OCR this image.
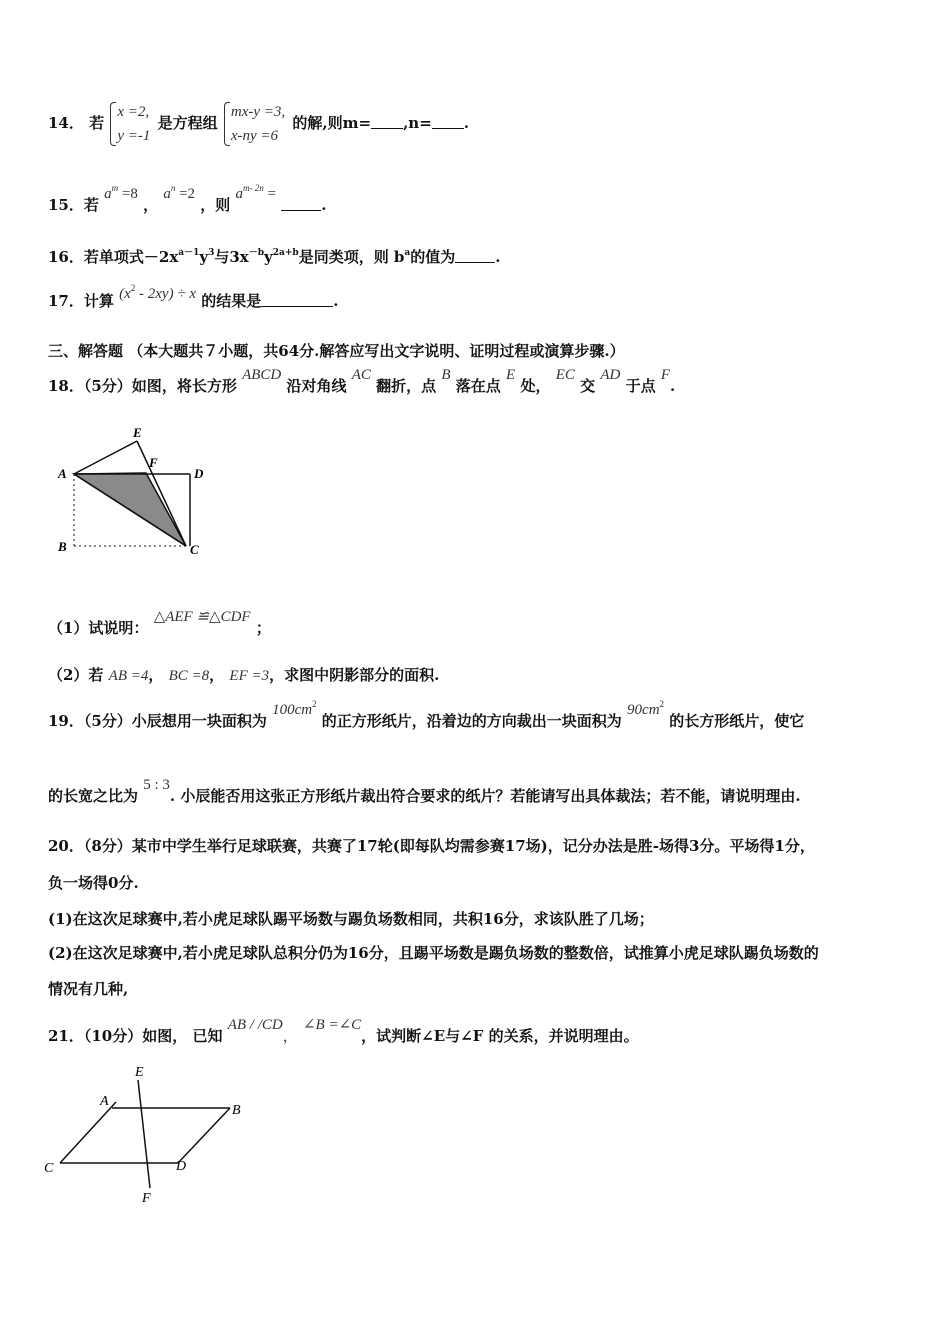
14． 若
x =2,
y =-1
是方程组
mx-y =3,
x-ny =6
的解,则m= ,n= .
15．若 $a^m =8$ ， $a^n =2$ ，则 $a^{m- 2n}$ = .
16．若单项式$-2x^{a-1}y^3$与$3x^{-b}y^{2a+b}$是同类项，则 $b^a$的值为	.
17．计算 $(x^2 - 2xy) \div x$ 的结果是	.
三、解答题 （本大题共７小题，共64分.解答应写出文字说明、证明过程或演算步骤.）
18．（5分）如图，将长方形 ABCD 沿对角线 AC 翻折，点 B 落在点 E 处， EC 交 AD 于点 F.
E
F
A	D
B	C
（1）试说明： △AEF ≌△CDF ；
（2）若 AB =4， BC =8， EF =3，求图中阴影部分的面积.
19．（5分）小辰想用一块面积为 $100cm^2$ 的正方形纸片，沿着边的方向裁出一块面积为 $90cm^2$ 的长方形纸片，使它
的长宽之比为 5 : 3. 小辰能否用这张正方形纸片裁出符合要求的纸片？若能请写出具体裁法；若不能，请说明理由.
20．（8分）某市中学生举行足球联赛，共赛了17轮(即每队均需参赛17场)，记分办法是胜-场得3分。平场得1分，
负一场得0分.
(1)在这次足球赛中,若小虎足球队踢平场数与踢负场数相同，共积16分，求该队胜了几场；
(2)在这次足球赛中,若小虎足球队总积分仍为16分，且踢平场数是踢负场数的整数倍，试推算小虎足球队踢负场数的
情况有几种,
21．（10分）如图， 已知 AB / /CD， ∠B =∠C，试判断∠E与∠F 的关系，并说明理由。
E
A
B
C	D
F
